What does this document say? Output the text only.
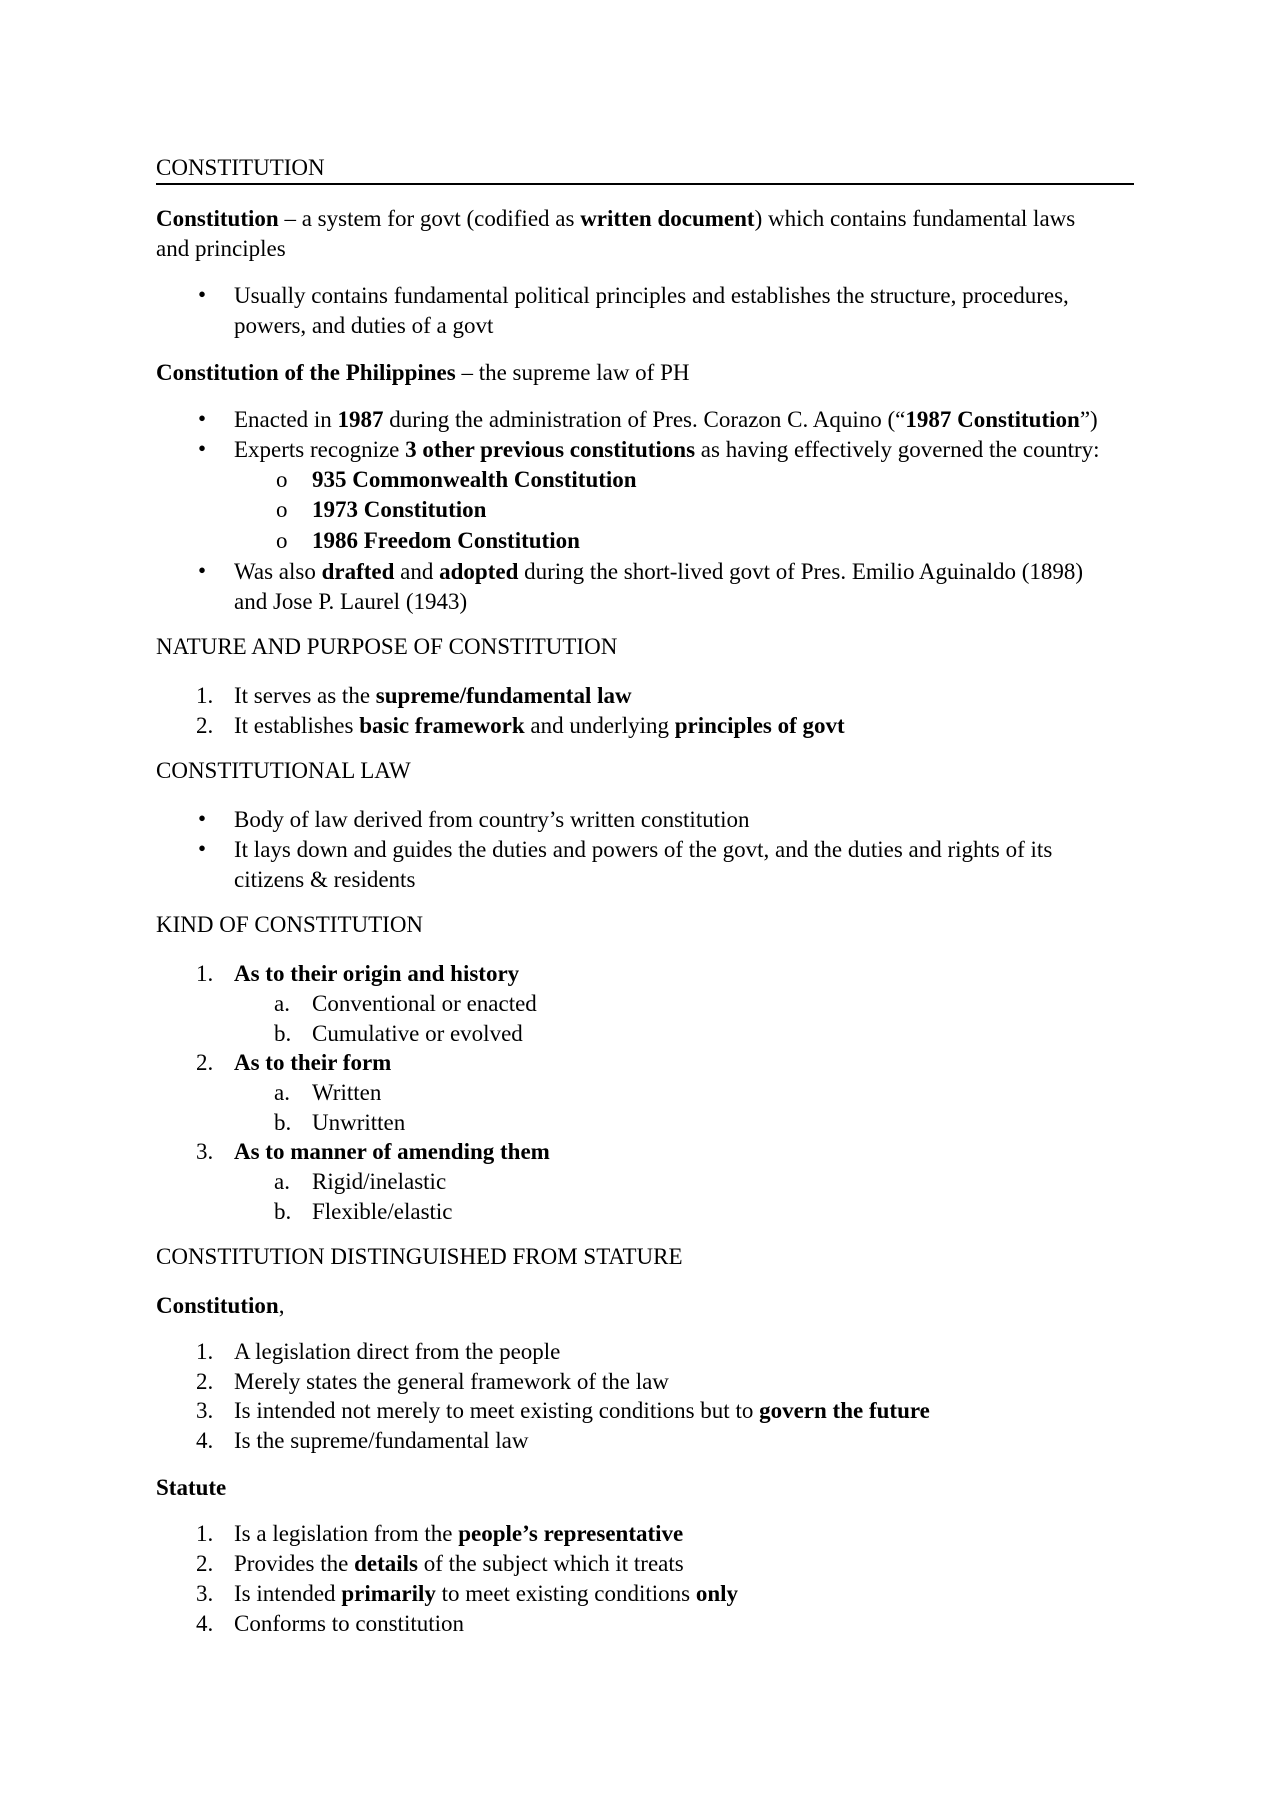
CONSTITUTION
Constitution – a system for govt (codified as written document) which contains fundamental laws
and principles
• Usually contains fundamental political principles and establishes the structure, procedures,
powers, and duties of a govt
Constitution of the Philippines – the supreme law of PH
• Enacted in 1987 during the administration of Pres. Corazon C. Aquino (“1987 Constitution”)
• Experts recognize 3 other previous constitutions as having effectively governed the country:
o 935 Commonwealth Constitution
o 1973 Constitution
o 1986 Freedom Constitution
• Was also drafted and adopted during the short-lived govt of Pres. Emilio Aguinaldo (1898)
and Jose P. Laurel (1943)
NATURE AND PURPOSE OF CONSTITUTION
1. It serves as the supreme/fundamental law
2. It establishes basic framework and underlying principles of govt
CONSTITUTIONAL LAW
• Body of law derived from country’s written constitution
• It lays down and guides the duties and powers of the govt, and the duties and rights of its
citizens & residents
KIND OF CONSTITUTION
1. As to their origin and history
a. Conventional or enacted
b. Cumulative or evolved
2. As to their form
a. Written
b. Unwritten
3. As to manner of amending them
a. Rigid/inelastic
b. Flexible/elastic
CONSTITUTION DISTINGUISHED FROM STATURE
Constitution,
1. A legislation direct from the people
2. Merely states the general framework of the law
3. Is intended not merely to meet existing conditions but to govern the future
4. Is the supreme/fundamental law
Statute
1. Is a legislation from the people’s representative
2. Provides the details of the subject which it treats
3. Is intended primarily to meet existing conditions only
4. Conforms to constitution
